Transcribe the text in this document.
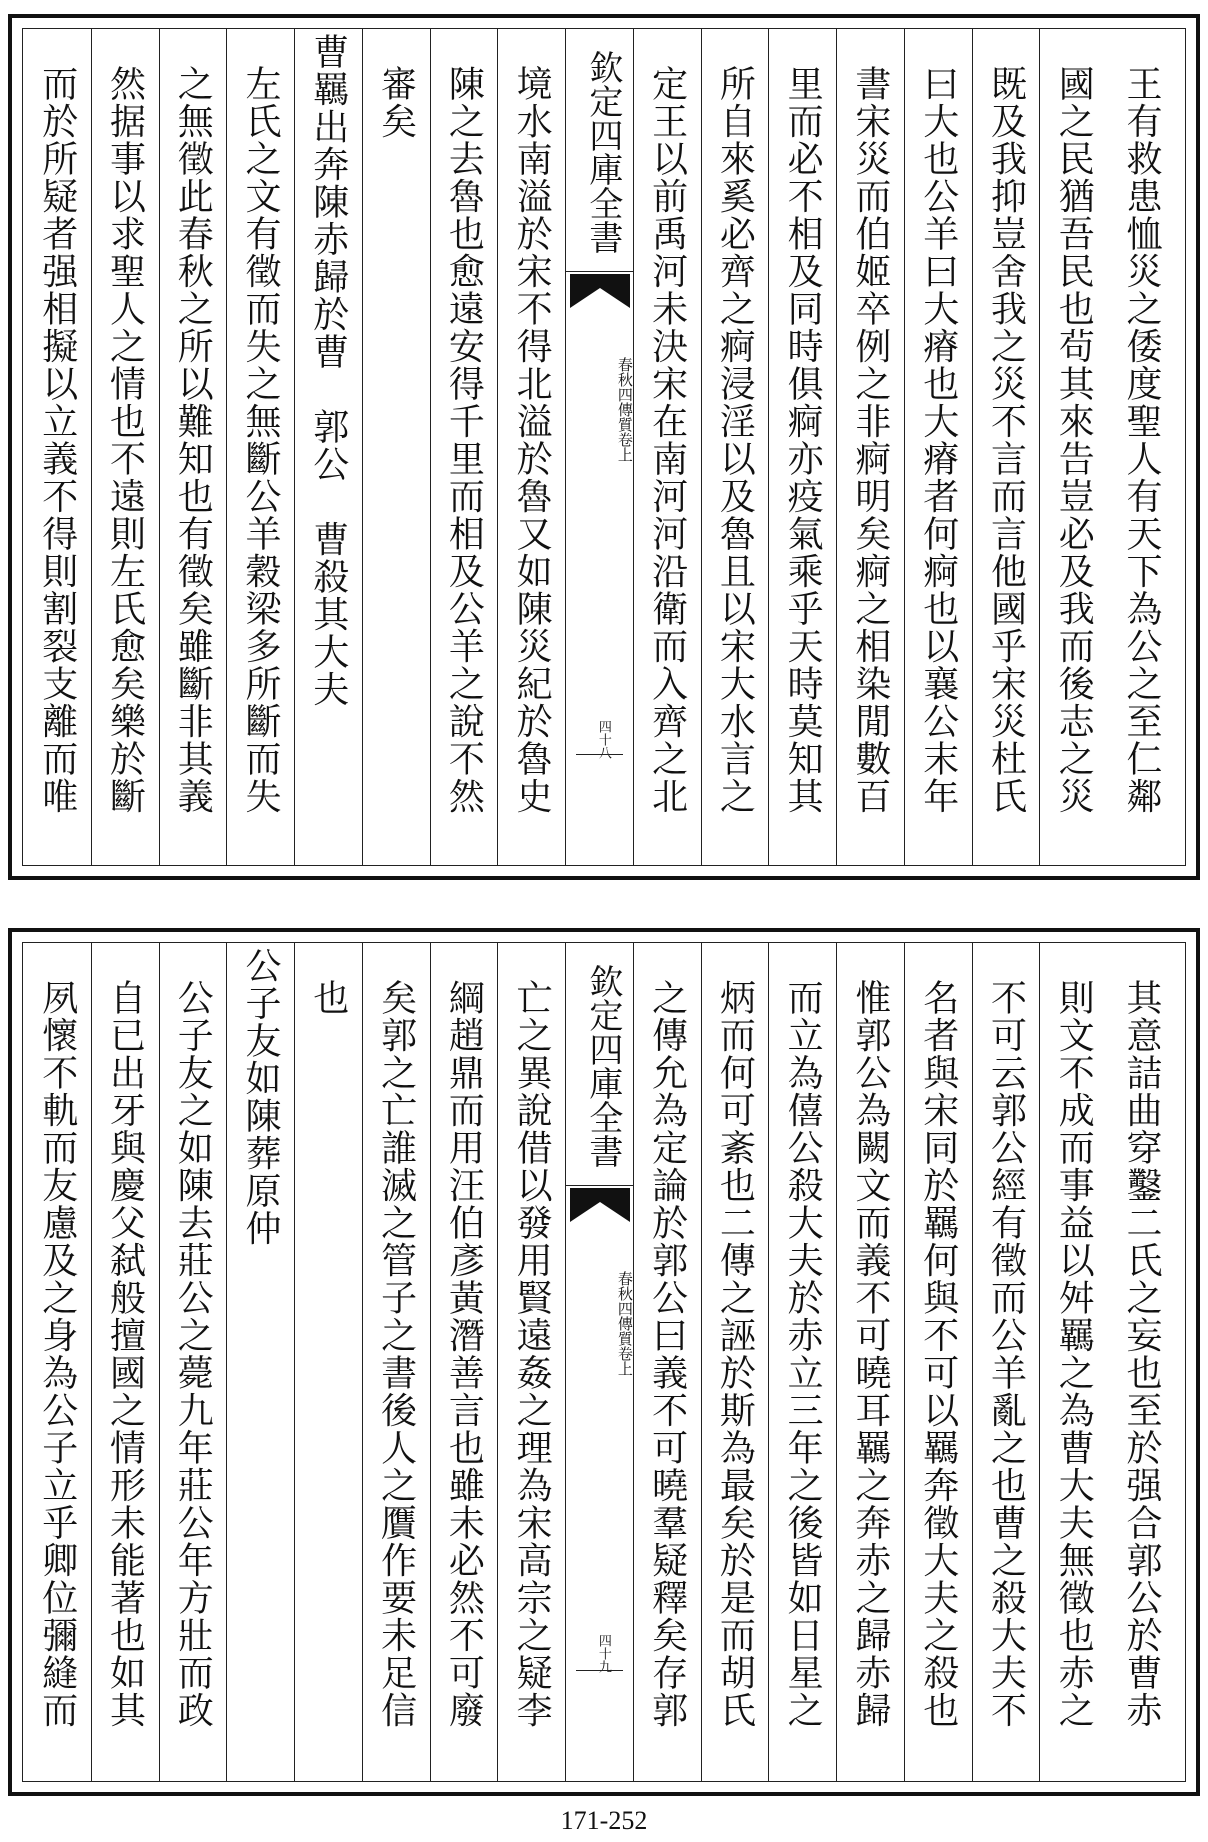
王有救患恤災之倭度聖人有天下為公之至仁鄰
國之民猶吾民也茍其來告豈必及我而後志之災
既及我抑豈舍我之災不言而言他國乎宋災杜氏
曰大也公羊曰大瘠也大瘠者何痾也以襄公末年
書宋災而伯姬卒例之非痾明矣痾之相染閒數百
里而必不相及同時俱痾亦疫氣乘乎天時莫知其
所自來奚必齊之痾浸淫以及魯且以宋大水言之
定王以前禹河未決宋在南河河沿衛而入齊之北
欽定四庫全書
春秋四傳質
卷上
四十八
境水南溢於宋不得北溢於魯又如陳災紀於魯史
陳之去魯也愈遠安得千里而相及公羊之說不然
審矣
曹羈出奔陳赤歸於曹　郭公　曹殺其大夫
左氏之文有徵而失之無斷公羊穀梁多所斷而失
之無徵此春秋之所以難知也有徵矣雖斷非其義
然据事以求聖人之情也不遠則左氏愈矣樂於斷
而於所疑者强相擬以立義不得則割裂支離而唯
其意詰曲穿鑿二氏之妄也至於强合郭公於曹赤
則文不成而事益以舛羈之為曹大夫無徵也赤之
不可云郭公經有徵而公羊亂之也曹之殺大夫不
名者與宋同於羈何與不可以羈奔徵大夫之殺也
惟郭公為闕文而義不可曉耳羈之奔赤之歸赤歸
而立為僖公殺大夫於赤立三年之後皆如日星之
炳而何可紊也二傳之誣於斯為最矣於是而胡氏
之傳允為定論於郭公曰義不可曉羣疑釋矣存郭
欽定四庫全書
春秋四傳質
卷上
四十九
亡之異說借以發用賢遠姦之理為宋高宗之疑李
綱趙鼎而用汪伯彥黃潛善言也雖未必然不可廢
矣郭之亡誰滅之管子之書後人之贋作要未足信
也
公子友如陳葬原仲
公子友之如陳去莊公之薨九年莊公年方壯而政
自已出牙與慶父弑般擅國之情形未能著也如其
夙懷不軌而友慮及之身為公子立乎卿位彌縫而
171-252
